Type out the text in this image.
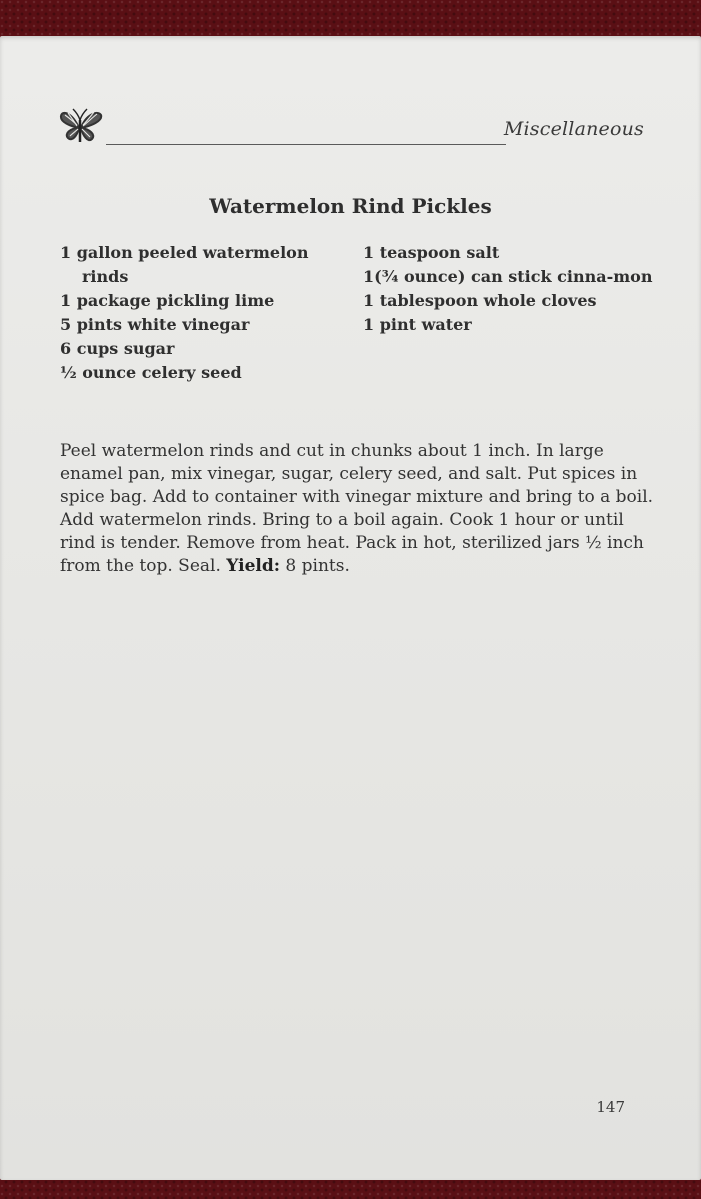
Miscellaneous
Watermelon Rind Pickles
1 gallon peeled watermelon rinds
1 package pickling lime
5 pints white vinegar
6 cups sugar
½ ounce celery seed
1 teaspoon salt
1(¾ ounce) can stick cinna-mon
1 tablespoon whole cloves
1 pint water

Peel watermelon rinds and cut in chunks about 1 inch. In large enamel pan, mix vinegar, sugar, celery seed, and salt. Put spices in spice bag. Add to container with vinegar mixture and bring to a boil. Add watermelon rinds. Bring to a boil again. Cook 1 hour or until rind is tender. Remove from heat. Pack in hot, sterilized jars ½ inch from the top. Seal. Yield: 8 pints.

147
